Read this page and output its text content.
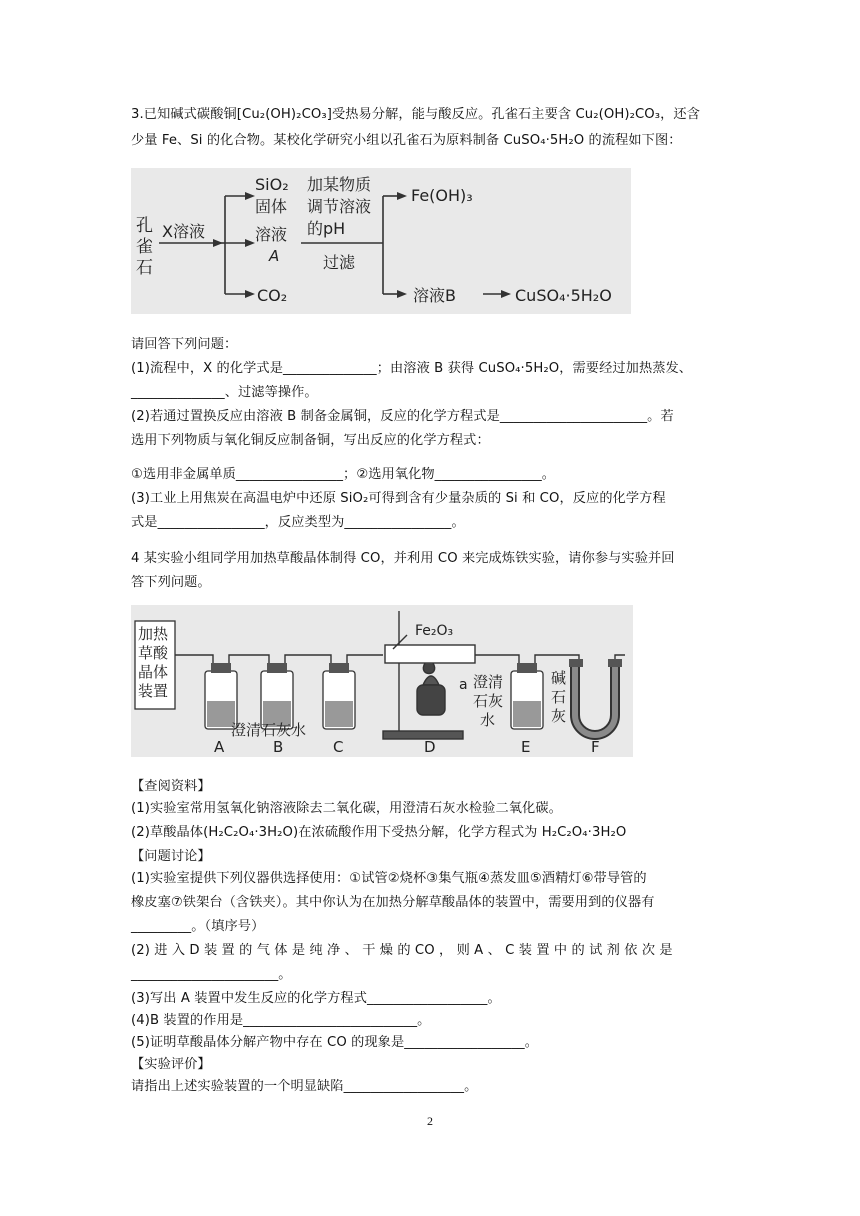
3.已知碱式碳酸铜[Cu₂(OH)₂CO₃]受热易分解，能与酸反应。孔雀石主要含 Cu₂(OH)₂CO₃，还含
少量 Fe、Si 的化合物。某校化学研究小组以孔雀石为原料制备 CuSO₄·5H₂O 的流程如下图：
孔
雀
石
X溶液
SiO₂
固体
溶液
A
CO₂
加某物质
调节溶液
的pH
过滤
Fe(OH)₃
溶液B	CuSO₄·5H₂O
请回答下列问题：
(1)流程中，X 的化学式是______________；由溶液 B 获得 CuSO₄·5H₂O，需要经过加热蒸发、
______________、过滤等操作。
(2)若通过置换反应由溶液 B 制备金属铜，反应的化学方程式是______________________。若
选用下列物质与氧化铜反应制备铜，写出反应的化学方程式：
①选用非金属单质________________；②选用氧化物________________。
(3)工业上用焦炭在高温电炉中还原 SiO₂可得到含有少量杂质的 Si 和 CO，反应的化学方程
式是________________，反应类型为________________。
4 某实验小组同学用加热草酸晶体制得 CO，并利用 CO 来完成炼铁实验，请你参与实验并回
答下列问题。
加热
草酸
晶体
装置
Fe₂O₃
a 澄清
石灰
水
碱
石
灰
澄清石灰水
A	B	C	D	E	F
【查阅资料】
(1)实验室常用氢氧化钠溶液除去二氧化碳，用澄清石灰水检验二氧化碳。
(2)草酸晶体(H₂C₂O₄·3H₂O)在浓硫酸作用下受热分解，化学方程式为 H₂C₂O₄·3H₂O
【问题讨论】
(1)实验室提供下列仪器供选择使用：①试管②烧杯③集气瓶④蒸发皿⑤酒精灯⑥带导管的
橡皮塞⑦铁架台（含铁夹）。其中你认为在加热分解草酸晶体的装置中，需要用到的仪器有
_________。（填序号）
(2) 进 入 D 装 置 的 气 体 是 纯 净 、 干 燥 的 CO ， 则 A 、 C 装 置 中 的 试 剂 依 次 是
______________________。
(3)写出 A 装置中发生反应的化学方程式__________________。
(4)B 装置的作用是__________________________。
(5)证明草酸晶体分解产物中存在 CO 的现象是__________________。
【实验评价】
请指出上述实验装置的一个明显缺陷__________________。
2
